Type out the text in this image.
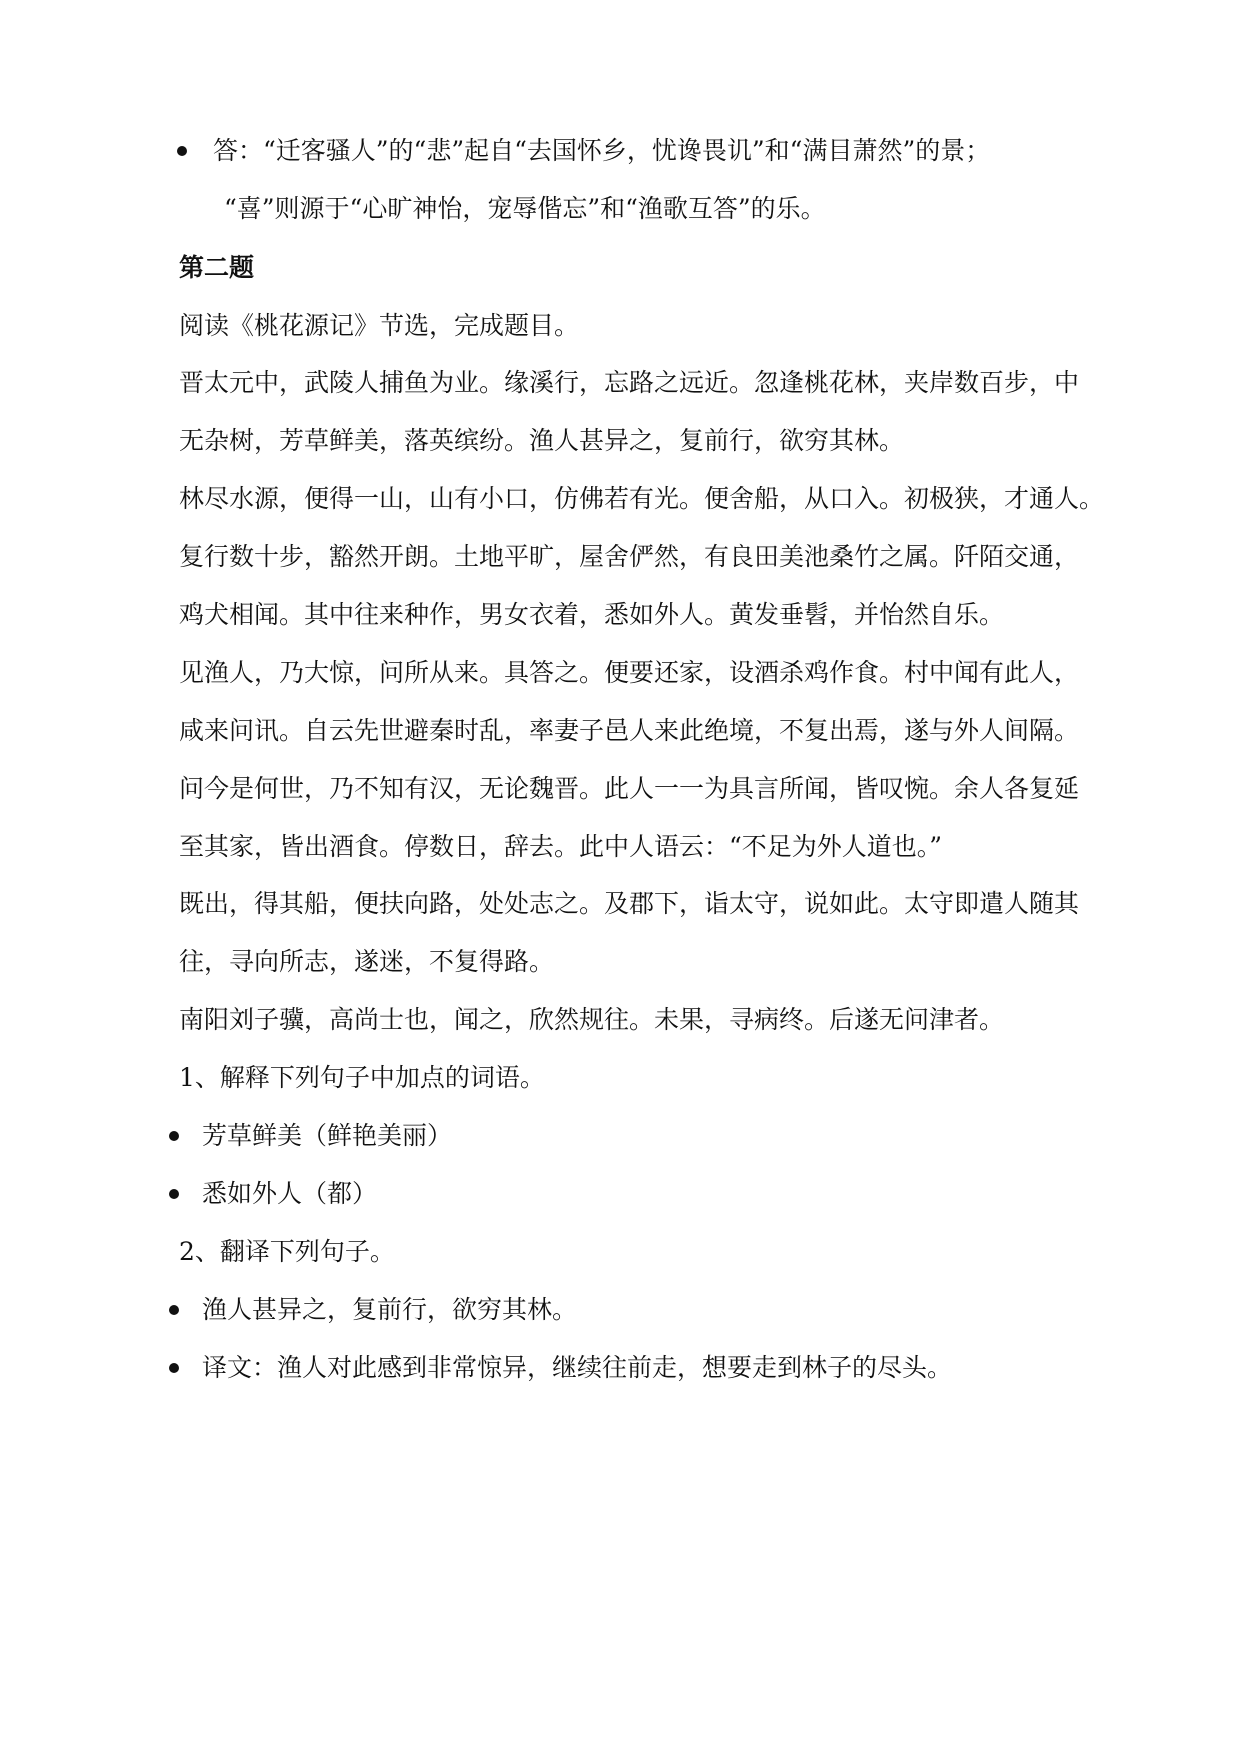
答：“迁客骚人”的“悲”起自“去国怀乡，忧谗畏讥”和“满目萧然”的景；
“喜”则源于“心旷神怡，宠辱偕忘”和“渔歌互答”的乐。
第二题
阅读《桃花源记》节选，完成题目。
晋太元中，武陵人捕鱼为业。缘溪行，忘路之远近。忽逢桃花林，夹岸数百步，中
无杂树，芳草鲜美，落英缤纷。渔人甚异之，复前行，欲穷其林。
林尽水源，便得一山，山有小口，仿佛若有光。便舍船，从口入。初极狭，才通人。
复行数十步，豁然开朗。土地平旷，屋舍俨然，有良田美池桑竹之属。阡陌交通，
鸡犬相闻。其中往来种作，男女衣着，悉如外人。黄发垂髫，并怡然自乐。
见渔人，乃大惊，问所从来。具答之。便要还家，设酒杀鸡作食。村中闻有此人，
咸来问讯。自云先世避秦时乱，率妻子邑人来此绝境，不复出焉，遂与外人间隔。
问今是何世，乃不知有汉，无论魏晋。此人一一为具言所闻，皆叹惋。余人各复延
至其家，皆出酒食。停数日，辞去。此中人语云：“不足为外人道也。”
既出，得其船，便扶向路，处处志之。及郡下，诣太守，说如此。太守即遣人随其
往，寻向所志，遂迷，不复得路。
南阳刘子骥，高尚士也，闻之，欣然规往。未果，寻病终。后遂无问津者。
1、解释下列句子中加点的词语。
芳草鲜美（鲜艳美丽）
悉如外人（都）
2、翻译下列句子。
渔人甚异之，复前行，欲穷其林。
译文：渔人对此感到非常惊异，继续往前走，想要走到林子的尽头。
